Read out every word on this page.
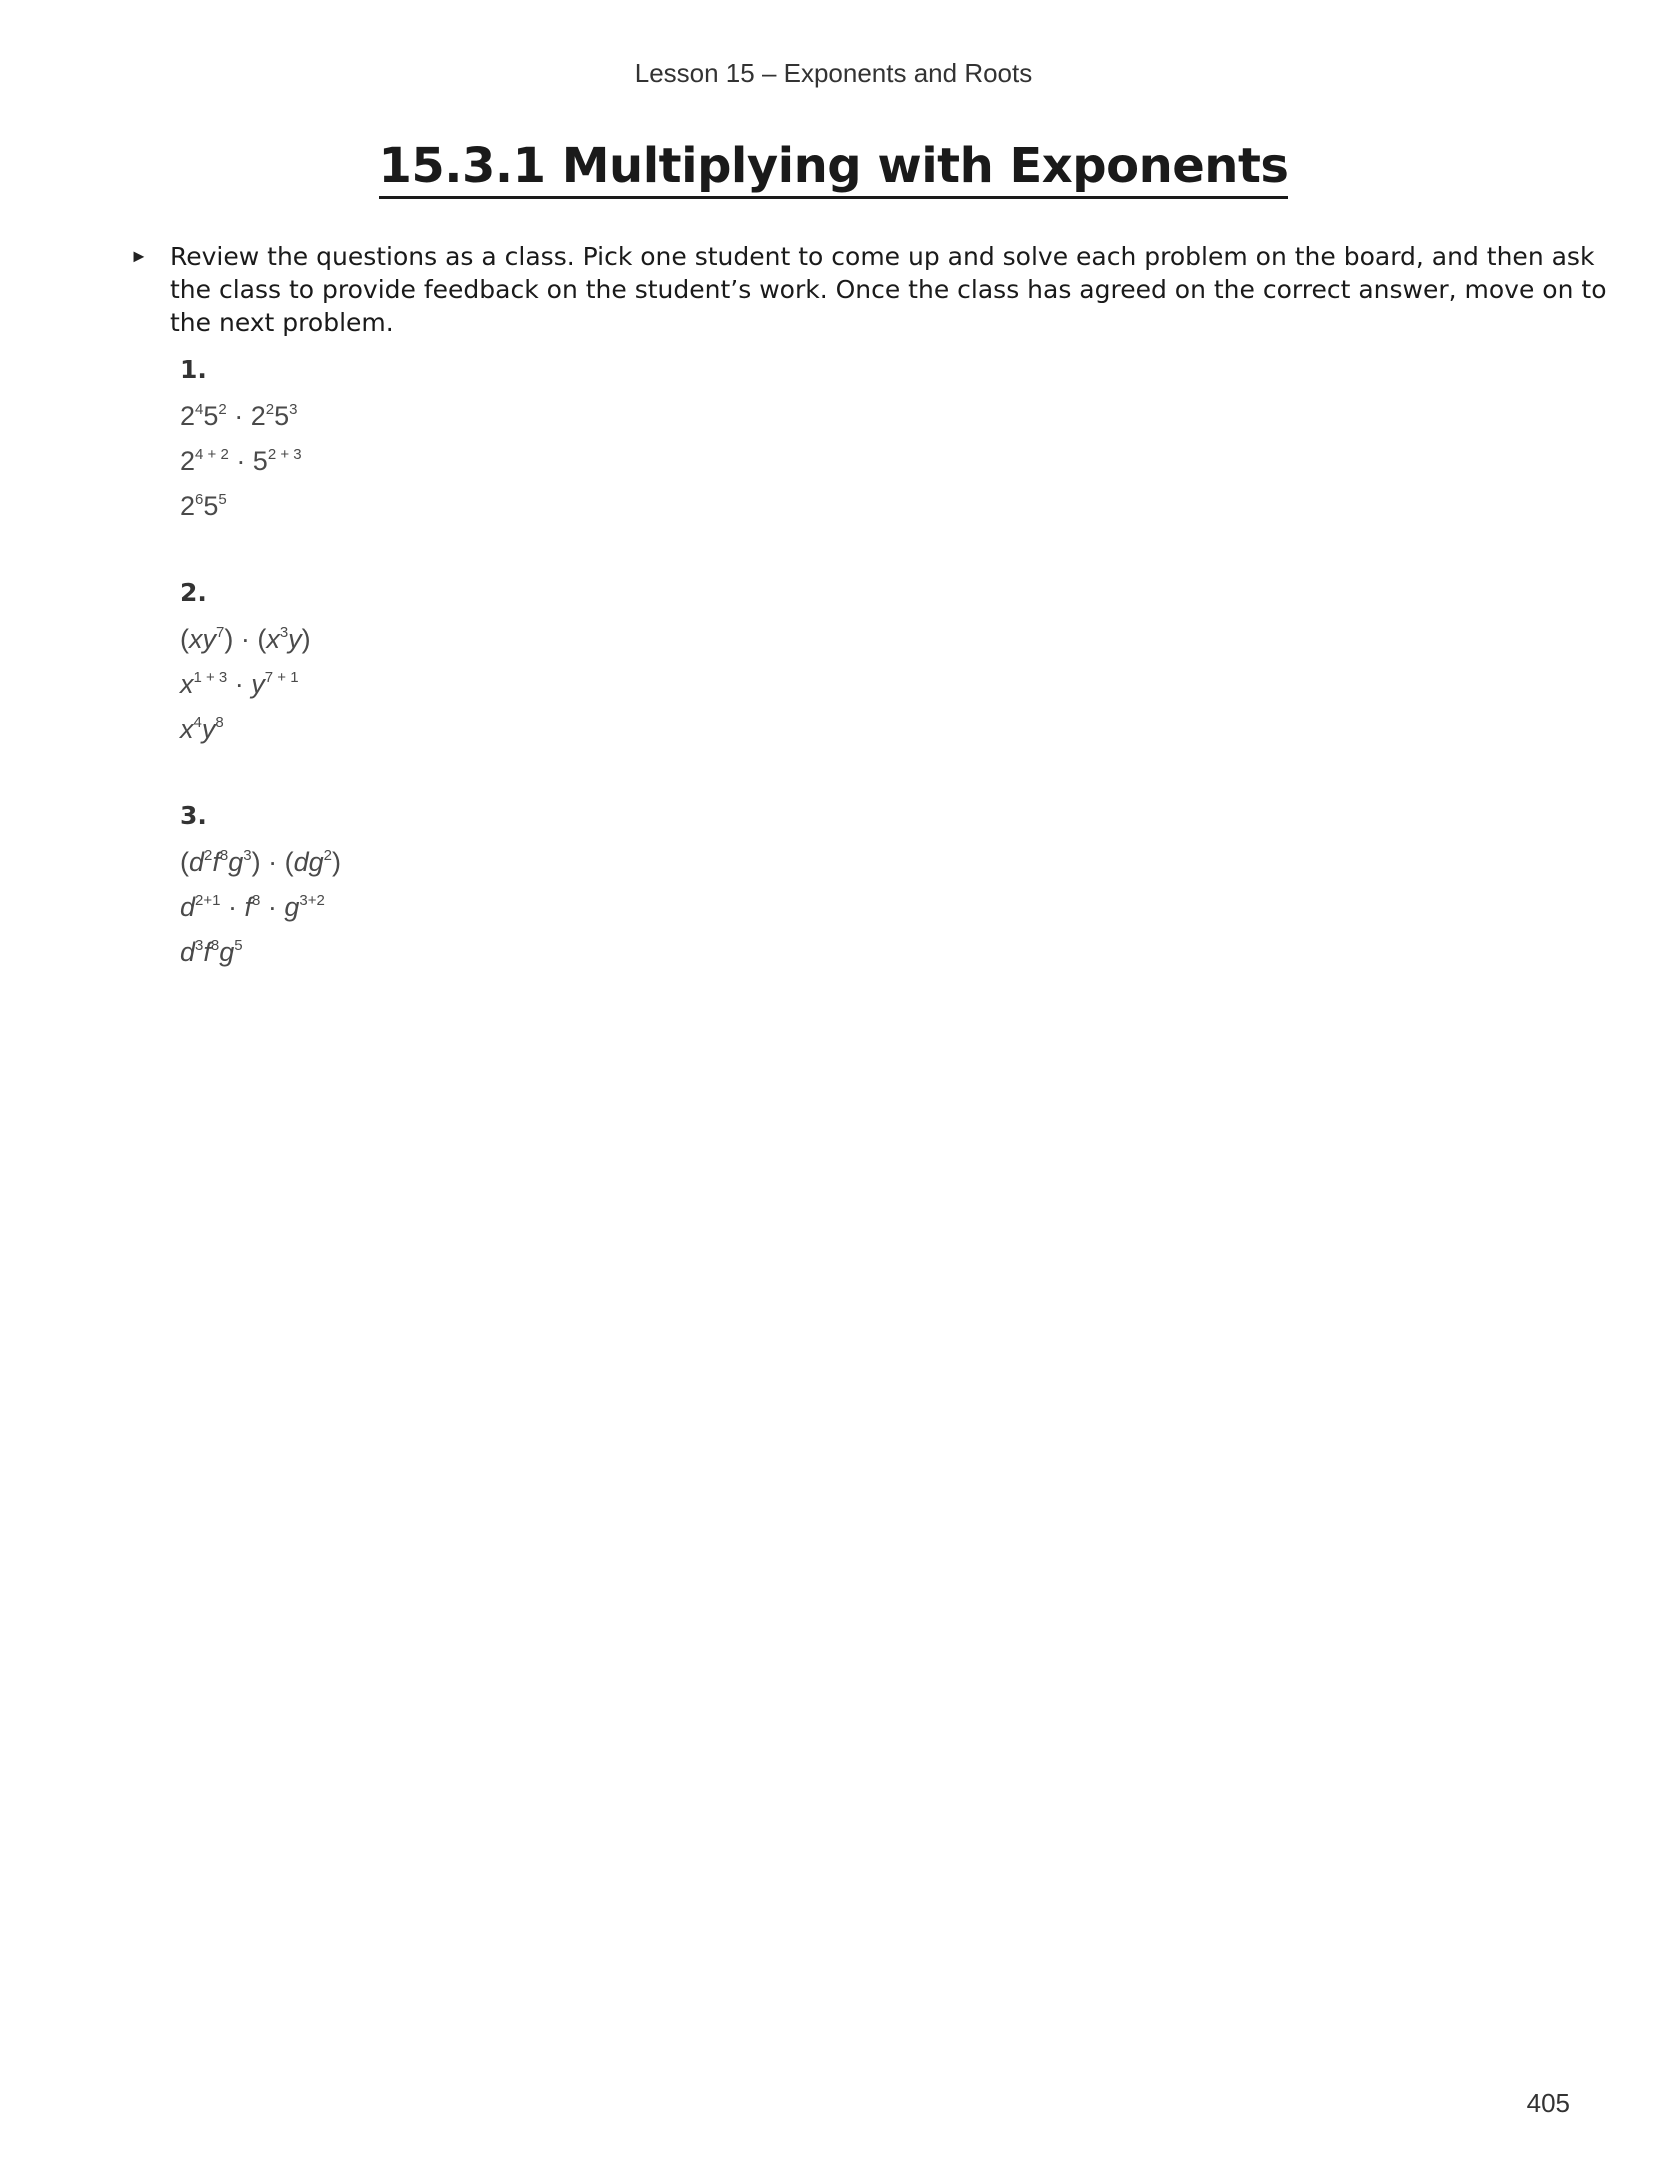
Lesson 15 – Exponents and Roots
15.3.1 Multiplying with Exponents
► Review the questions as a class. Pick one student to come up and solve each problem on the board, and then ask the class to provide feedback on the student’s work. Once the class has agreed on the correct answer, move on to the next problem.
1.
$2^45^2 \cdot 2^25^3$
$2^{4 + 2} \cdot 5^{2 + 3}$
$2^65^5$
2.
$(xy^7) \cdot (x^3y)$
$x^{1 + 3} \cdot y^{7 + 1}$
$x^4y^8$
3.
$(d^2f^8g^3) \cdot (dg^2)$
$d^{2+1} \cdot f^8 \cdot g^{3+2}$
$d^3f^8g^5$
405
